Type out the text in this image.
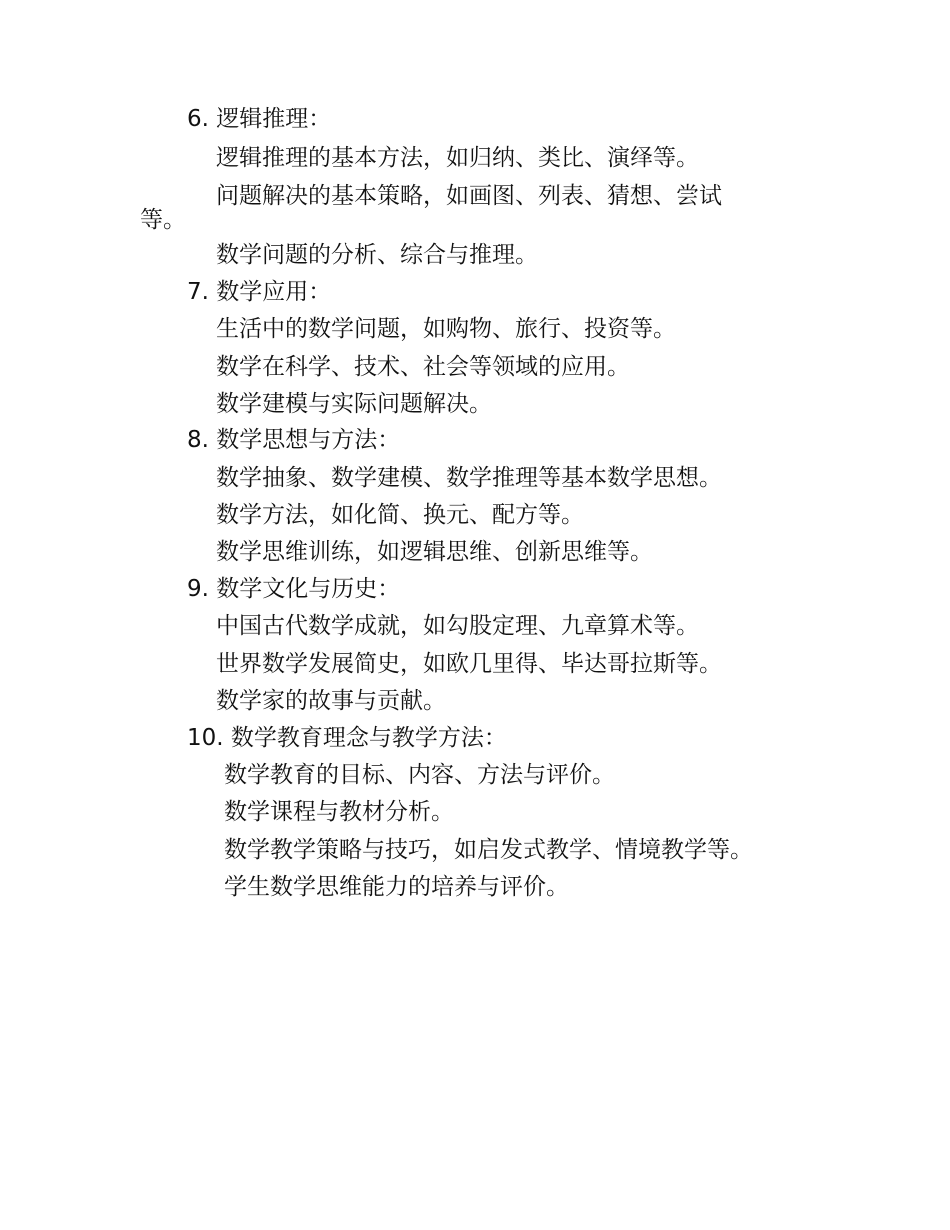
6. 逻辑推理：
逻辑推理的基本方法，如归纳、类比、演绎等。
问题解决的基本策略，如画图、列表、猜想、尝试
等。
数学问题的分析、综合与推理。
7. 数学应用：
生活中的数学问题，如购物、旅行、投资等。
数学在科学、技术、社会等领域的应用。
数学建模与实际问题解决。
8. 数学思想与方法：
数学抽象、数学建模、数学推理等基本数学思想。
数学方法，如化简、换元、配方等。
数学思维训练，如逻辑思维、创新思维等。
9. 数学文化与历史：
中国古代数学成就，如勾股定理、九章算术等。
世界数学发展简史，如欧几里得、毕达哥拉斯等。
数学家的故事与贡献。
10. 数学教育理念与教学方法：
数学教育的目标、内容、方法与评价。
数学课程与教材分析。
数学教学策略与技巧，如启发式教学、情境教学等。
学生数学思维能力的培养与评价。
